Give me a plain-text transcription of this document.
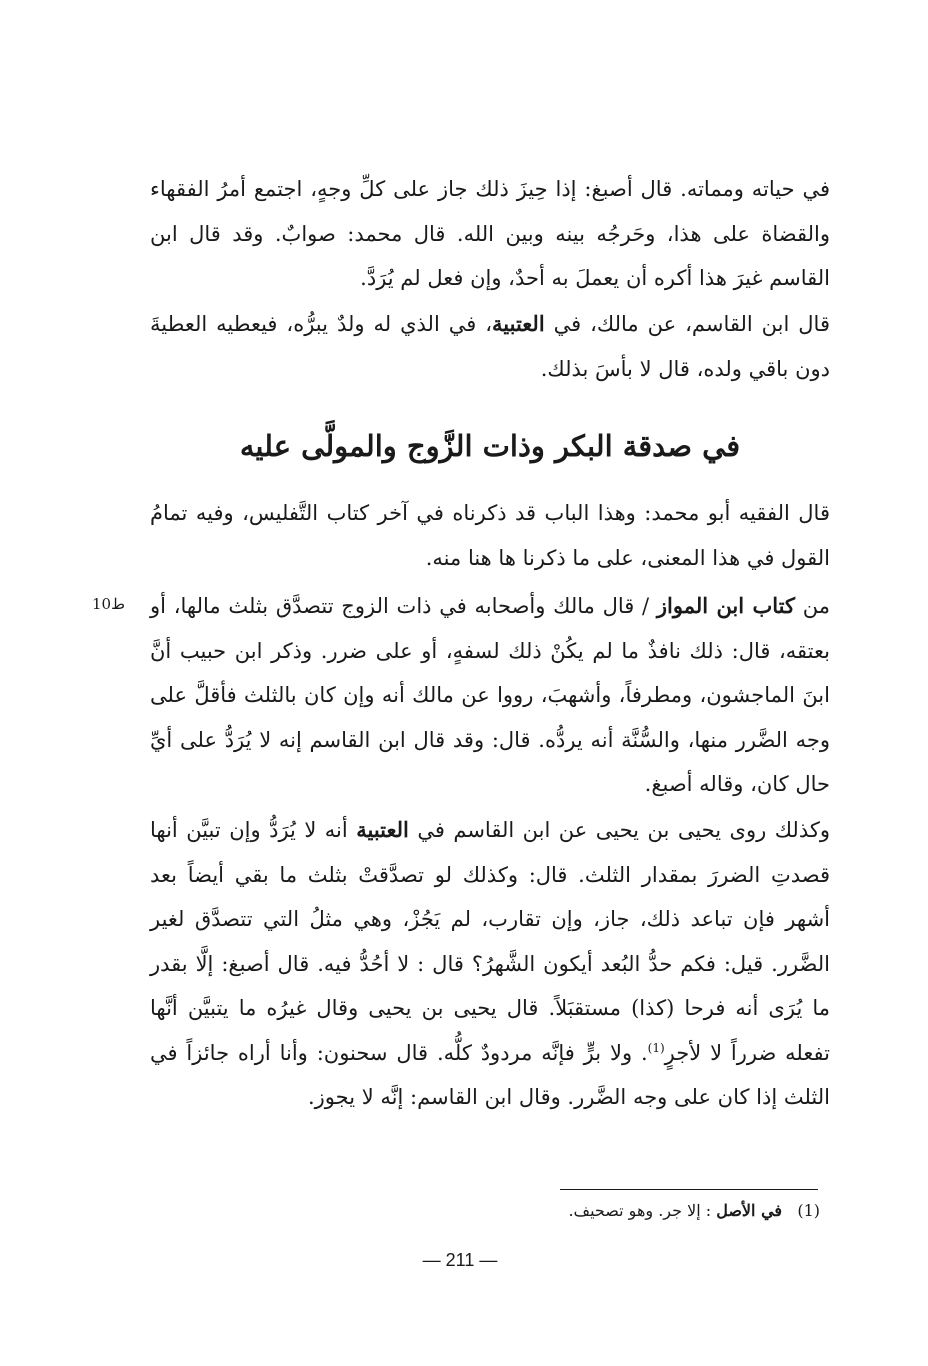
في حياته ومماته. قال أصبغ: إذا حِيزَ ذلك جاز على كلِّ وجهٍ، اجتمع أمرُ الفقهاء والقضاة على هذا، وحَرجُه بينه وبين الله. قال محمد: صوابٌ. وقد قال ابن القاسم غيرَ هذا أكره أن يعملَ به أحدٌ، وإن فعل لم يُرَدَّ.

قال ابن القاسم، عن مالك، في العتبية، في الذي له ولدٌ يبرُّه، فيعطيه العطيةَ دون باقي ولده، قال لا بأسَ بذلك.

في صدقة البكر وذات الزَّوج والمولَّى عليه

قال الفقيه أبو محمد: وهذا الباب قد ذكرناه في آخر كتاب التَّفليس، وفيه تمامُ القول في هذا المعنى، على ما ذكرنا ها هنا منه.

ط10	من كتاب ابن المواز / قال مالك وأصحابه في ذات الزوج تتصدَّق بثلث مالها، أو بعتقه، قال: ذلك نافذٌ ما لم يكُنْ ذلك لسفهٍ، أو على ضرر. وذكر ابن حبيب أنَّ ابنَ الماجشون، ومطرفاً، وأشهبَ، رووا عن مالك أنه وإن كان بالثلث فأقلَّ على وجه الضَّرر منها، والسُّنَّة أنه يردُّه. قال: وقد قال ابن القاسم إنه لا يُرَدُّ على أيِّ حال كان، وقاله أصبغ.

وكذلك روى يحيى بن يحيى عن ابن القاسم في العتبية أنه لا يُرَدُّ وإن تبيَّن أنها قصدتِ الضررَ بمقدار الثلث. قال: وكذلك لو تصدَّقتْ بثلث ما بقي أيضاً بعد أشهر فإن تباعد ذلك، جاز، وإن تقارب، لم يَجُزْ، وهي مثلُ التي تتصدَّق لغير الضَّرر. قيل: فكم حدُّ البُعد أيكون الشَّهرُ؟ قال : لا أحُدُّ فيه. قال أصبغ: إلَّا بقدر ما يُرَى أنه فرحا (كذا) مستقبَلاً. قال يحيى بن يحيى وقال غيرُه ما يتبيَّن أنَّها تفعله ضرراً لا لأجرٍ$^{(1)}$. ولا برٍّ فإنَّه مردودٌ كلُّه. قال سحنون: وأنا أراه جائزاً في الثلث إذا كان على وجه الضَّرر. وقال ابن القاسم: إنَّه لا يجوز.

(1)   في الأصل : إلا جر. وهو تصحيف.

— 211 —
